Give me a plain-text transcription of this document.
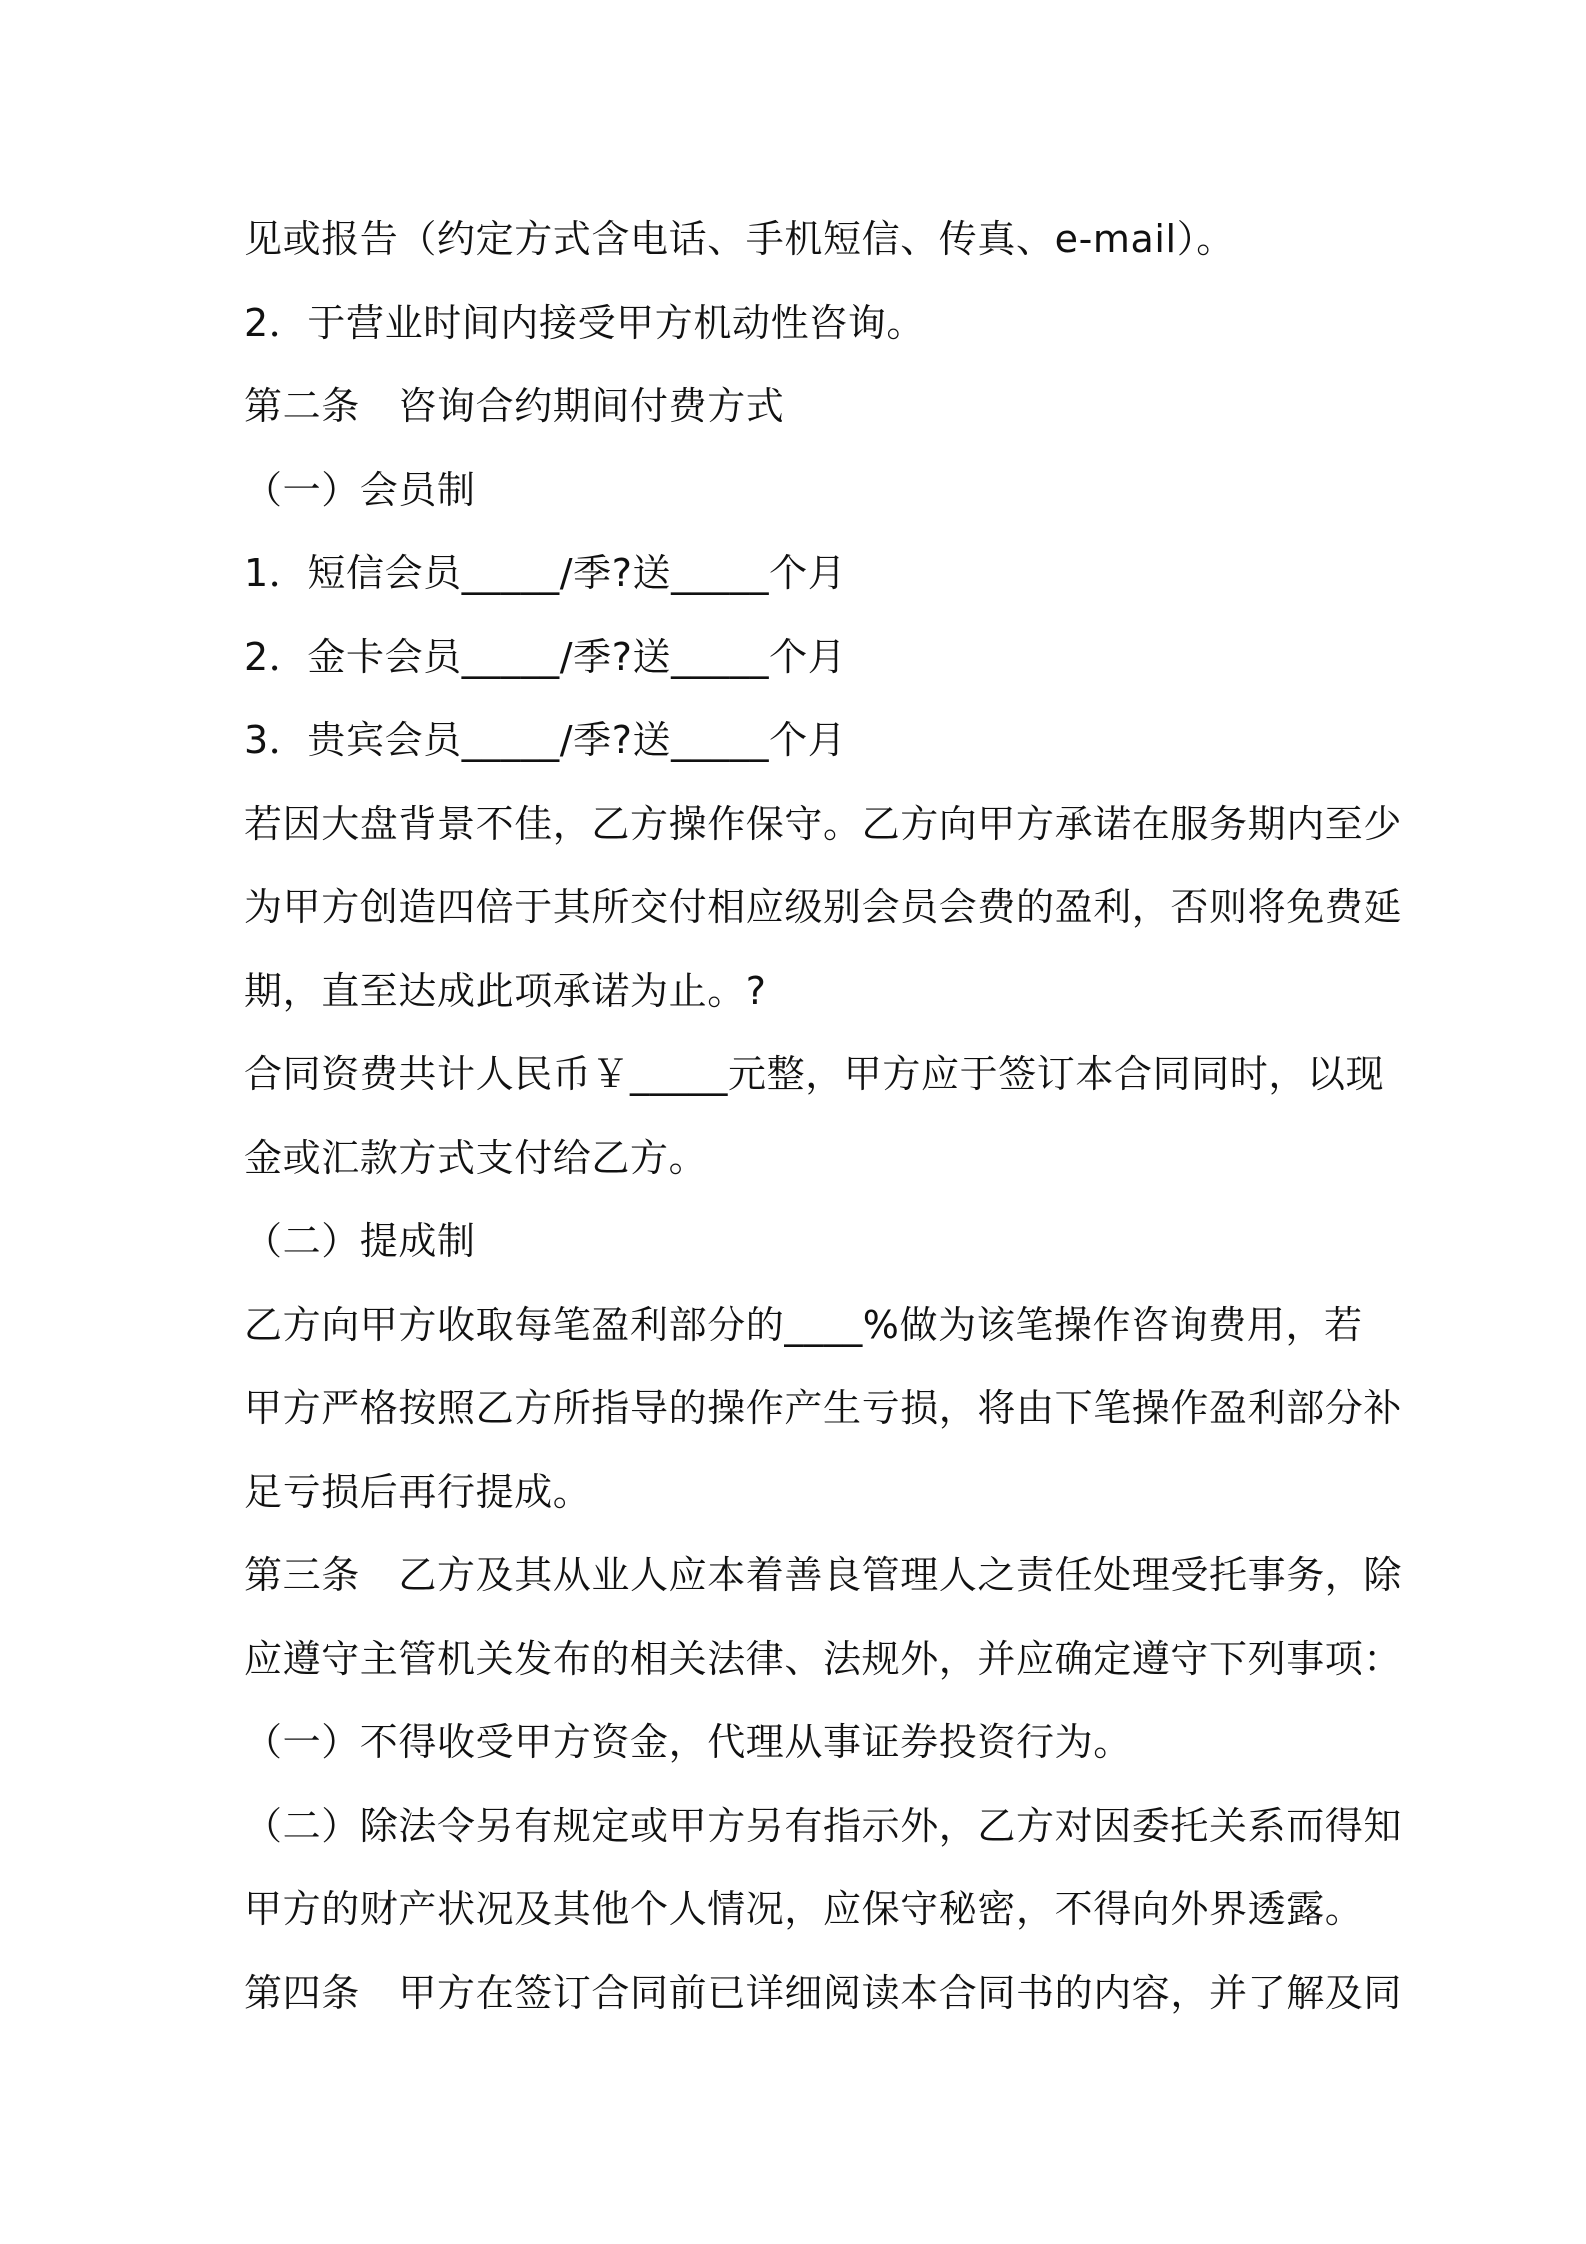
见或报告（约定方式含电话、手机短信、传真、e-mail）。
2．于营业时间内接受甲方机动性咨询。
第二条　咨询合约期间付费方式
（一）会员制
1．短信会员_____/季?送_____个月
2．金卡会员_____/季?送_____个月
3．贵宾会员_____/季?送_____个月
若因大盘背景不佳，乙方操作保守。乙方向甲方承诺在服务期内至少
为甲方创造四倍于其所交付相应级别会员会费的盈利，否则将免费延
期，直至达成此项承诺为止。?
合同资费共计人民币￥_____元整，甲方应于签订本合同同时，以现
金或汇款方式支付给乙方。
（二）提成制
乙方向甲方收取每笔盈利部分的____%做为该笔操作咨询费用，若
甲方严格按照乙方所指导的操作产生亏损，将由下笔操作盈利部分补
足亏损后再行提成。
第三条　乙方及其从业人应本着善良管理人之责任处理受托事务，除
应遵守主管机关发布的相关法律、法规外，并应确定遵守下列事项：
（一）不得收受甲方资金，代理从事证券投资行为。
（二）除法令另有规定或甲方另有指示外，乙方对因委托关系而得知
甲方的财产状况及其他个人情况，应保守秘密，不得向外界透露。
第四条　甲方在签订合同前已详细阅读本合同书的内容，并了解及同
